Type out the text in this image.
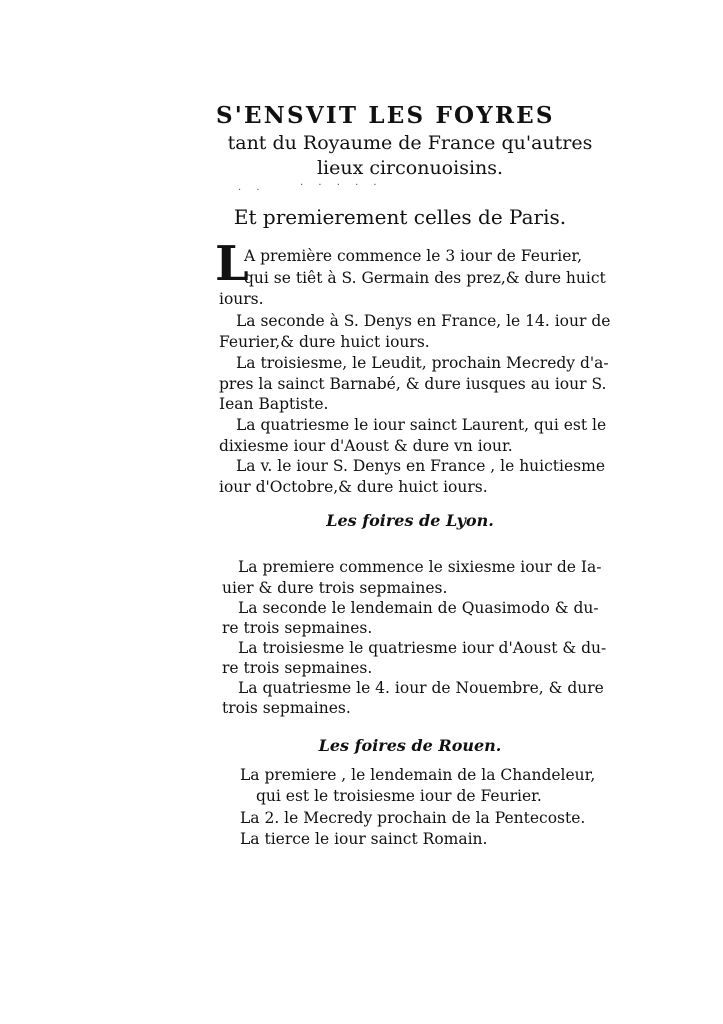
S'ENSVIT LES FOYRES
tant du Royaume de France qu'autres
lieux circonuoisins.
· ·	· · · · ·
Et premierement celles de Paris.
L
A première commence le 3 iour de Feurier,
qui se tiêt à S. Germain des prez,& dure huict
iours.
La seconde à S. Denys en France, le 14. iour de
Feurier,& dure huict iours.
La troisiesme, le Leudit, prochain Mecredy d'a-
pres la sainct Barnabé, & dure iusques au iour S.
Iean Baptiste.
La quatriesme le iour sainct Laurent, qui est le
dixiesme iour d'Aoust & dure vn iour.
La v. le iour S. Denys en France , le huictiesme
iour d'Octobre,& dure huict iours.
Les foires de Lyon.
La premiere commence le sixiesme iour de Ia-
uier & dure trois sepmaines.
La seconde le lendemain de Quasimodo & du-
re trois sepmaines.
La troisiesme le quatriesme iour d'Aoust & du-
re trois sepmaines.
La quatriesme le 4. iour de Nouembre, & dure
trois sepmaines.
Les foires de Rouen.
La premiere , le lendemain de la Chandeleur,
qui est le troisiesme iour de Feurier.
La 2. le Mecredy prochain de la Pentecoste.
La tierce le iour sainct Romain.
